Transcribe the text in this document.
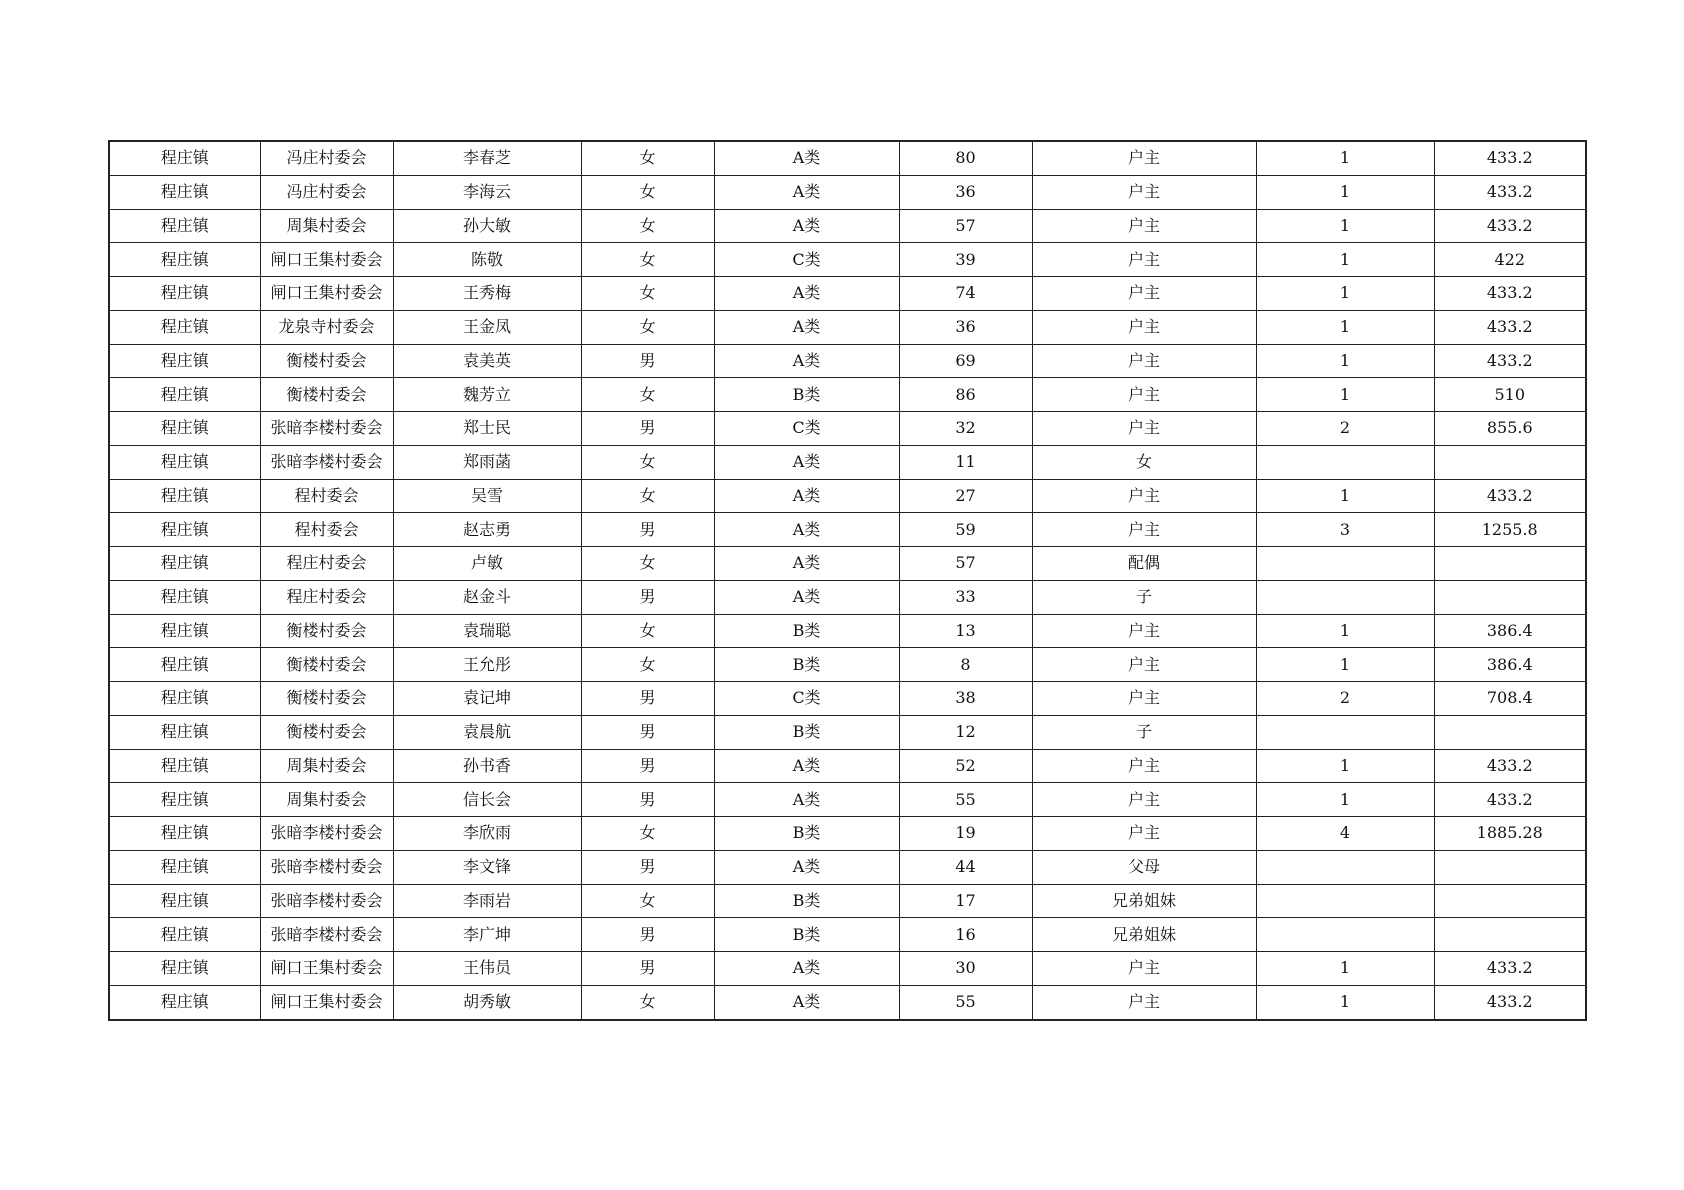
程庄镇	冯庄村委会	李春芝	女	A类	80	户主	1	433.2
程庄镇	冯庄村委会	李海云	女	A类	36	户主	1	433.2
程庄镇	周集村委会	孙大敏	女	A类	57	户主	1	433.2
程庄镇	闸口王集村委会	陈敬	女	C类	39	户主	1	422
程庄镇	闸口王集村委会	王秀梅	女	A类	74	户主	1	433.2
程庄镇	龙泉寺村委会	王金凤	女	A类	36	户主	1	433.2
程庄镇	衡楼村委会	袁美英	男	A类	69	户主	1	433.2
程庄镇	衡楼村委会	魏芳立	女	B类	86	户主	1	510
程庄镇	张暗李楼村委会	郑士民	男	C类	32	户主	2	855.6
程庄镇	张暗李楼村委会	郑雨菡	女	A类	11	女		
程庄镇	程村委会	吴雪	女	A类	27	户主	1	433.2
程庄镇	程村委会	赵志勇	男	A类	59	户主	3	1255.8
程庄镇	程庄村委会	卢敏	女	A类	57	配偶		
程庄镇	程庄村委会	赵金斗	男	A类	33	子		
程庄镇	衡楼村委会	袁瑞聪	女	B类	13	户主	1	386.4
程庄镇	衡楼村委会	王允彤	女	B类	8	户主	1	386.4
程庄镇	衡楼村委会	袁记坤	男	C类	38	户主	2	708.4
程庄镇	衡楼村委会	袁晨航	男	B类	12	子		
程庄镇	周集村委会	孙书香	男	A类	52	户主	1	433.2
程庄镇	周集村委会	信长会	男	A类	55	户主	1	433.2
程庄镇	张暗李楼村委会	李欣雨	女	B类	19	户主	4	1885.28
程庄镇	张暗李楼村委会	李文锋	男	A类	44	父母		
程庄镇	张暗李楼村委会	李雨岩	女	B类	17	兄弟姐妹		
程庄镇	张暗李楼村委会	李广坤	男	B类	16	兄弟姐妹		
程庄镇	闸口王集村委会	王伟员	男	A类	30	户主	1	433.2
程庄镇	闸口王集村委会	胡秀敏	女	A类	55	户主	1	433.2
